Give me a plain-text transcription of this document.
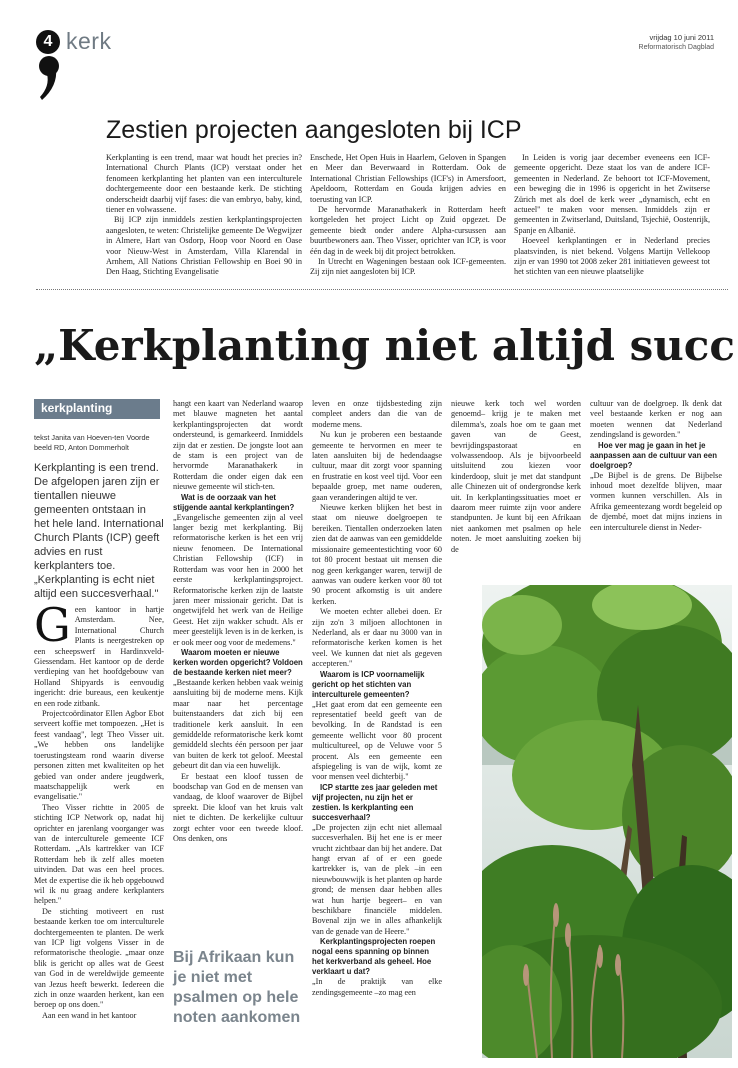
4 kerk	vrijdag 10 juni 2011
Reformatorisch Dagblad
Zestien projecten aangesloten bij ICP

Kerkplanting is een trend, maar wat houdt het precies in? International Church Plants (ICP) verstaat onder het fenomeen kerkplanting het planten van een interculturele dochtergemeente door een bestaande kerk. De stichting onderscheidt daarbij vijf fases: die van embryo, baby, kind, tiener en volwassene.

Bij ICP zijn inmiddels zestien kerkplantingsprojecten aangesloten, te weten: Christelijke gemeente De Wegwijzer in Almere, Hart van Osdorp, Hoop voor Noord en Oase voor Nieuw-West in Amsterdam, Villa Klarendal in Arnhem, All Nations Christian Fellowship en Boei 90 in Den Haag, Stichting Evangelisatie

Enschede, Het Open Huis in Haarlem, Geloven in Spangen en Meer dan Beverwaard in Rotterdam. Ook de International Christian Fellowships (ICF's) in Amersfoort, Apeldoorn, Rotterdam en Gouda krijgen advies en toerusting van ICP.

De hervormde Maranathakerk in Rotterdam heeft kortgeleden het project Licht op Zuid opgezet. De gemeente biedt onder andere Alpha-cursussen aan buurtbewoners aan. Theo Visser, oprichter van ICP, is voor één dag in de week bij dit project betrokken.

In Utrecht en Wageningen bestaan ook ICF-gemeenten. Zij zijn niet aangesloten bij ICP.

In Leiden is vorig jaar december eveneens een ICF-gemeente opgericht. Deze staat los van de andere ICF-gemeenten in Nederland. Ze behoort tot ICF-Movement, een beweging die in 1996 is opgericht in het Zwitserse Zürich met als doel de kerk weer „dynamisch, echt en actueel" te maken voor mensen. Inmiddels zijn er gemeenten in Zwitserland, Duitsland, Tsjechië, Oostenrijk, Spanje en Albanië.

Hoeveel kerkplantingen er in Nederland precies plaatsvinden, is niet bekend. Volgens Martijn Vellekoop zijn er van 1990 tot 2008 zeker 281 initiatieven geweest tot het stichten van een nieuwe plaatselijke

„Kerkplanting niet altijd succ
kerkplanting
tekst Janita van Hoeven-ten Voorde
beeld RD, Anton Dommerholt
Kerkplanting is een trend. De afgelopen jaren zijn er tientallen nieuwe gemeenten ontstaan in het hele land. International Church Plants (ICP) geeft advies en rust kerkplanters toe. „Kerkplanting is echt niet altijd een succesverhaal."
G een kantoor in hartje Amsterdam. Nee, International Church Plants is neergestreken op een scheepswerf in Hardinxveld-Giessendam. Het kantoor op de derde verdieping van het hoofdgebouw van Holland Shipyards is eenvoudig ingericht: drie bureaus, een keukentje en een rode zitbank.

Projectcoördinator Ellen Agbor Ebot serveert koffie met tompoezen. „Het is feest vandaag", legt Theo Visser uit. „We hebben ons landelijke toerustingsteam rond waarin diverse personen zitten met kwaliteiten op het gebied van onder andere jeugdwerk, maatschappelijk werk en evangelisatie."

Theo Visser richtte in 2005 de stichting ICP Network op, nadat hij oprichter en jarenlang voorganger was van de interculturele gemeente ICF Rotterdam. „Als kartrekker van ICF Rotterdam heb ik zelf alles moeten uitvinden. Dat was een heel proces. Met de expertise die ik heb opgebouwd wil ik nu graag andere kerkplanters helpen."

De stichting motiveert en rust bestaande kerken toe om interculturele dochtergemeenten te planten. De werk van ICP ligt volgens Visser in de reformatorische theologie. „maar onze blik is gericht op alles wat de Geest van God in de wereldwijde gemeente van Jezus heeft bewerkt. Iedereen die zich in onze waarden herkent, kan een beroep op ons doen."

Aan een wand in het kantoor

hangt een kaart van Nederland waarop met blauwe magneten het aantal kerkplantingsprojecten dat wordt ondersteund, is gemarkeerd. Inmiddels zijn dat er zestien. De jongste loot aan de stam is een project van de hervormde Maranathakerk in Rotterdam die onder eigen dak een nieuwe gemeente wil stich-ten.

Wat is de oorzaak van het stijgende aantal kerkplantingen?

„Evangelische gemeenten zijn al veel langer bezig met kerkplanting. Bij reformatorische kerken is het een vrij nieuw fenomeen. De International Christian Fellowship (ICF) in Rotterdam was voor hen in 2000 het eerste kerkplantingsproject. Reformatorische kerken zijn de laatste jaren meer missionair gericht. Dat is ongetwijfeld het werk van de Heilige Geest. Het zijn wakker schudt. Als er meer geestelijk leven is in de kerken, is er ook meer oog voor de medemens."

Waarom moeten er nieuwe kerken worden opgericht? Voldoen de bestaande kerken niet meer?

„Bestaande kerken hebben vaak weinig aansluiting bij de moderne mens. Kijk maar naar het percentage buitenstaanders dat zich bij een traditionele kerk aansluit. In een gemiddelde reformatorische kerk komt gemiddeld slechts één persoon per jaar van buiten de kerk tot geloof. Meestal gebeurt dit dan via een huwelijk.

Er bestaat een kloof tussen de boodschap van God en de mensen van vandaag, de kloof waarover de Bijbel spreekt. Die kloof van het kruis valt niet te dichten. De kerkelijke cultuur zorgt echter voor een tweede kloof. Ons denken, ons

Bij Afrikaan kun je niet met psalmen op hele noten aankomen

leven en onze tijdsbesteding zijn compleet anders dan die van de moderne mens.

Nu kun je proberen een bestaande gemeente te hervormen en meer te laten aansluiten bij de hedendaagse cultuur, maar dit zorgt voor spanning en frustratie en kost veel tijd. Voor een bepaalde groep, met name ouderen, gaan veranderingen altijd te ver.

Nieuwe kerken blijken het best in staat om nieuwe doelgroepen te bereiken. Tientallen onderzoeken laten zien dat de aanwas van een gemiddelde missionaire gemeentestichting voor 60 tot 80 procent bestaat uit mensen die nog geen kerkganger waren, terwijl de aanwas van oudere kerken voor 80 tot 90 procent afkomstig is uit andere kerken.

We moeten echter allebei doen. Er zijn zo'n 3 miljoen allochtonen in Nederland, als er daar nu 3000 van in reformatorische kerken komen is het veel. We kunnen dat niet als gegeven accepteren."

Waarom is ICP voornamelijk gericht op het stichten van interculturele gemeenten?

„Het gaat erom dat een gemeente een representatief beeld geeft van de bevolking. In de Randstad is een gemeente wellicht voor 80 procent multicultureel, op de Veluwe voor 5 procent. Als een gemeente een afspiegeling is van de wijk, komt ze voor mensen veel dichterbij."

ICP startte zes jaar geleden met vijf projecten, nu zijn het er zestien. Is kerkplanting een succesverhaal?

„De projecten zijn echt niet allemaal succesverhalen. Bij het ene is er meer vrucht zichtbaar dan bij het andere. Dat hangt ervan af of er een goede kartrekker is, van de plek –in een nieuwbouwwijk is het planten op harde grond; de mensen daar hebben alles wat hun hartje begeert– en van beschikbare financiële middelen. Bovenal zijn we in alles afhankelijk van de genade van de Heere."

Kerkplantingsprojecten roepen nogal eens spanning op binnen het kerkverband als geheel. Hoe verklaart u dat?

„In de praktijk van elke zendingsgemeente –zo mag een

nieuwe kerk toch wel worden genoemd– krijg je te maken met dilemma's, zoals hoe om te gaan met gaven van de Geest, bevrijdingspastoraat en volwassendoop. Als je bijvoorbeeld uitsluitend zou kiezen voor kinderdoop, sluit je met dat standpunt alle Chinezen uit of ondergrondse kerk uit. In kerkplantingssituaties moet er daarom meer ruimte zijn voor andere standpunten. Je kunt bij een Afrikaan niet aankomen met psalmen op hele noten. Je moet aansluiting zoeken bij de

cultuur van de doelgroep. Ik denk dat veel bestaande kerken er nog aan moeten wennen dat Nederland zendingsland is geworden."

Hoe ver mag je gaan in het je aanpassen aan de cultuur van een doelgroep?

„De Bijbel is de grens. De Bijbelse inhoud moet dezelfde blijven, maar vormen kunnen verschillen. Als in Afrika gemeentezang wordt begeleid op de djembé, moet dat mijns inziens in een interculturele dienst in Neder-
